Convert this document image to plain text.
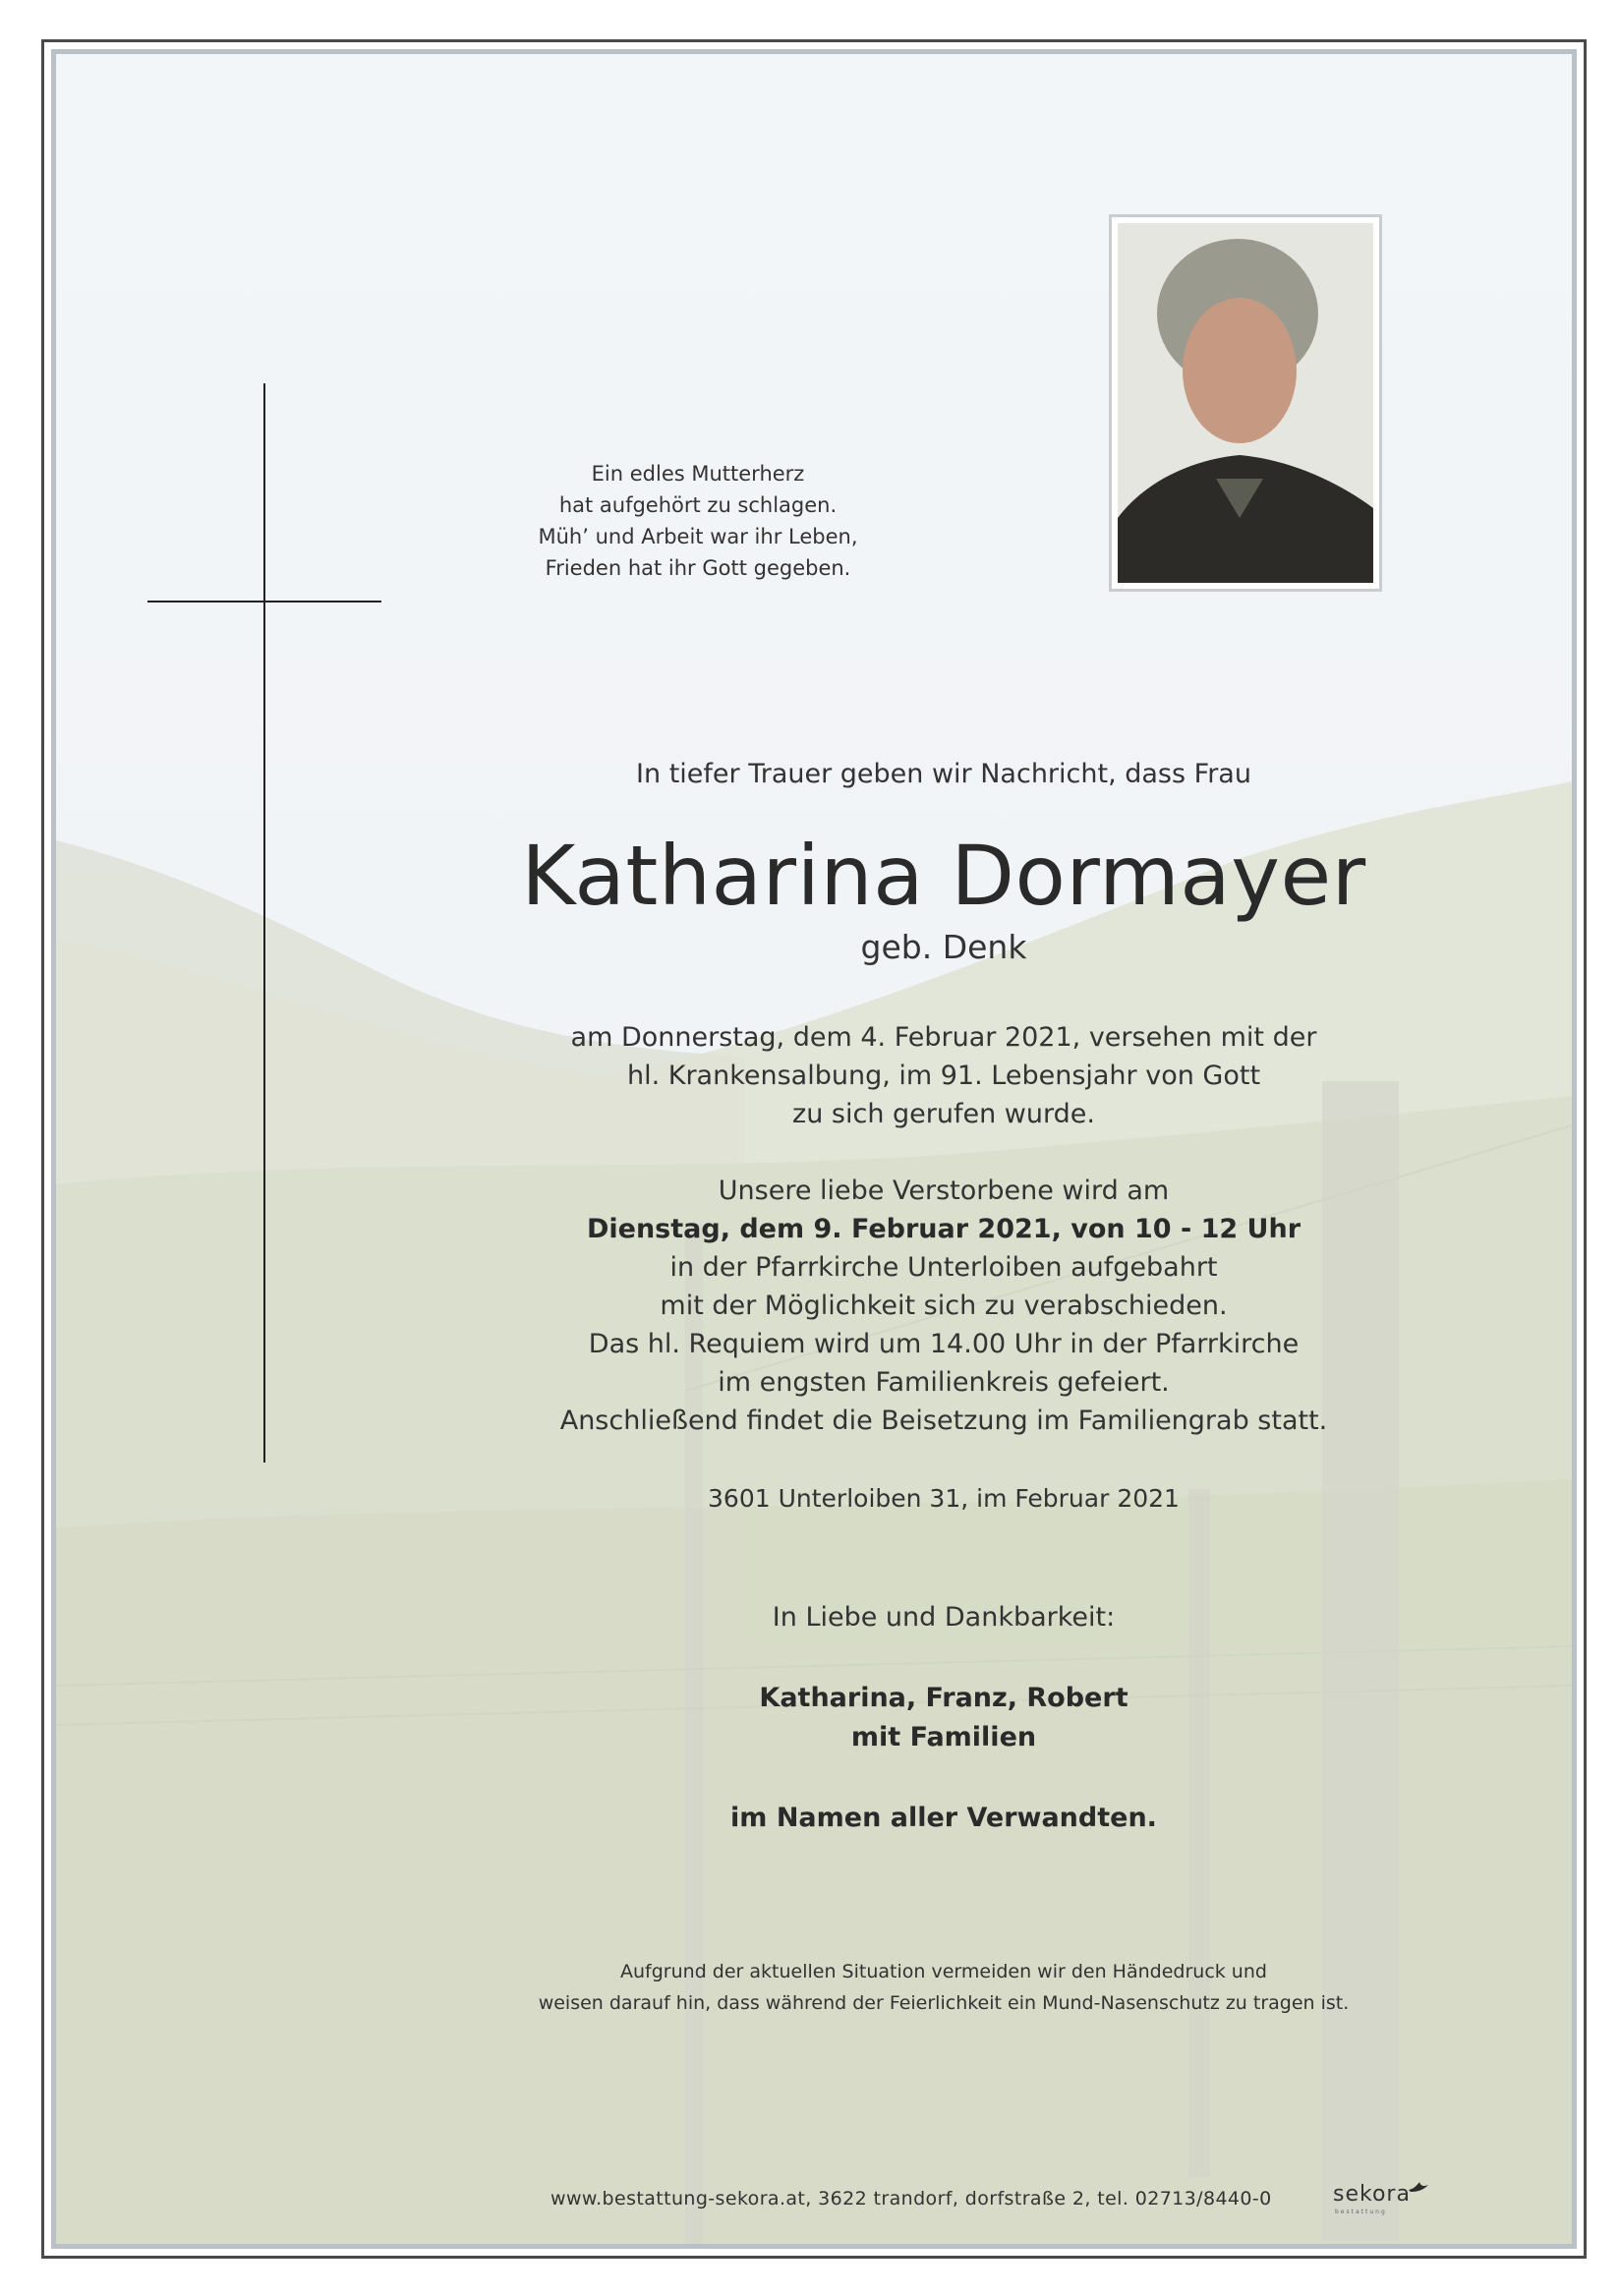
Ein edles Mutterherz
hat aufgehört zu schlagen.
Müh’ und Arbeit war ihr Leben,
Frieden hat ihr Gott gegeben.
In tiefer Trauer geben wir Nachricht, dass Frau
Katharina Dormayer
geb. Denk
am Donnerstag, dem 4. Februar 2021, versehen mit der
hl. Krankensalbung, im 91. Lebensjahr von Gott
zu sich gerufen wurde.
Unsere liebe Verstorbene wird am
Dienstag, dem 9. Februar 2021, von 10 - 12 Uhr
in der Pfarrkirche Unterloiben aufgebahrt
mit der Möglichkeit sich zu verabschieden.
Das hl. Requiem wird um 14.00 Uhr in der Pfarrkirche
im engsten Familienkreis gefeiert.
Anschließend findet die Beisetzung im Familiengrab statt.
3601 Unterloiben 31, im Februar 2021
In Liebe und Dankbarkeit:
Katharina, Franz, Robert
mit Familien
im Namen aller Verwandten.
Aufgrund der aktuellen Situation vermeiden wir den Händedruck und
weisen darauf hin, dass während der Feierlichkeit ein Mund-Nasenschutz zu tragen ist.
www.bestattung-sekora.at, 3622 trandorf, dorfstraße 2, tel. 02713/8440-0	sekora
bestattung
